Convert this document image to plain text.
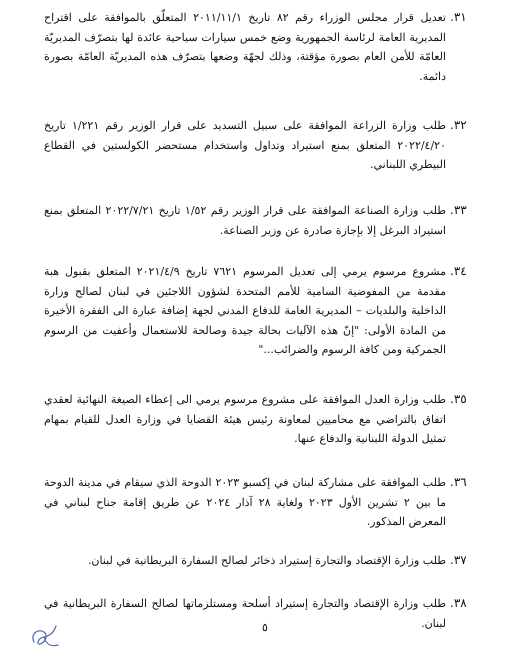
.٣١
تعديل قرار مجلس الوزراء رقم ٨٢ تاريخ ٢٠١١/١١/١ المتعلّق بالموافقة على اقتراح المديرية العامة لرئاسة الجمهورية وضع خمس سيارات سياحية عائدة لها بتصرّف المديريّة العامّة للأمن العام بصورة مؤقتة، وذلك لجهّة وضعها بتصرّف هذه المديريّة العامّة بصورة دائمة.
.٣٢
طلب وزارة الزراعة الموافقة على سبيل التسديد على قرار الوزير رقم ١/٢٢١ تاريخ ٢٠٢٢/٤/٢٠ المتعلق بمنع استيراد وتداول واستخدام مستحضر الكولستين في القطاع البيطري اللبناني.
.٣٣
طلب وزارة الصناعة الموافقة على قرار الوزير رقم ١/٥٢ تاريخ ٢٠٢٢/٧/٢١ المتعلق بمنع استيراد البرغل إلا بإجازة صادرة عن وزير الصناعة.
.٣٤
مشروع مرسوم يرمي إلى تعديل المرسوم ٧٦٢١ تاريخ ٢٠٢١/٤/٩ المتعلق بقبول هبة مقدمة من المفوضية السامية للأمم المتحدة لشؤون اللاجئين في لبنان لصالح وزارة الداخلية والبلديات – المديرية العامة للدفاع المدني لجهة إضافة عبارة الى الفقرة الأخيرة من المادة الأولى: "إنّ هذه الآليات بحالة جيدة وصالحة للاستعمال وأعفيت من الرسوم الجمركية ومن كافة الرسوم والضرائب..."
.٣٥
طلب وزارة العدل الموافقة على مشروع مرسوم يرمي الى إعطاء الصيغة النهائية لعقدي اتفاق بالتراضي مع محاميين لمعاونة رئيس هيئة القضايا في وزارة العدل للقيام بمهام تمثيل الدولة اللبنانية والدفاع عنها.
.٣٦
طلب الموافقة على مشاركة لبنان في إكسبو ٢٠٢٣ الدوحة الذي سيقام في مدينة الدوحة ما بين ٢ تشرين الأول ٢٠٢٣ ولغاية ٢٨ آذار ٢٠٢٤ عن طريق إقامة جناح لبناني في المعرض المذكور.
.٣٧
طلب وزارة الإقتصاد والتجارة إستيراد ذخائر لصالح السفارة البريطانية في لبنان.
.٣٨
طلب وزارة الإقتصاد والتجارة إستيراد أسلحة ومستلزماتها لصالح السفارة البريطانية في لبنان.
٥
